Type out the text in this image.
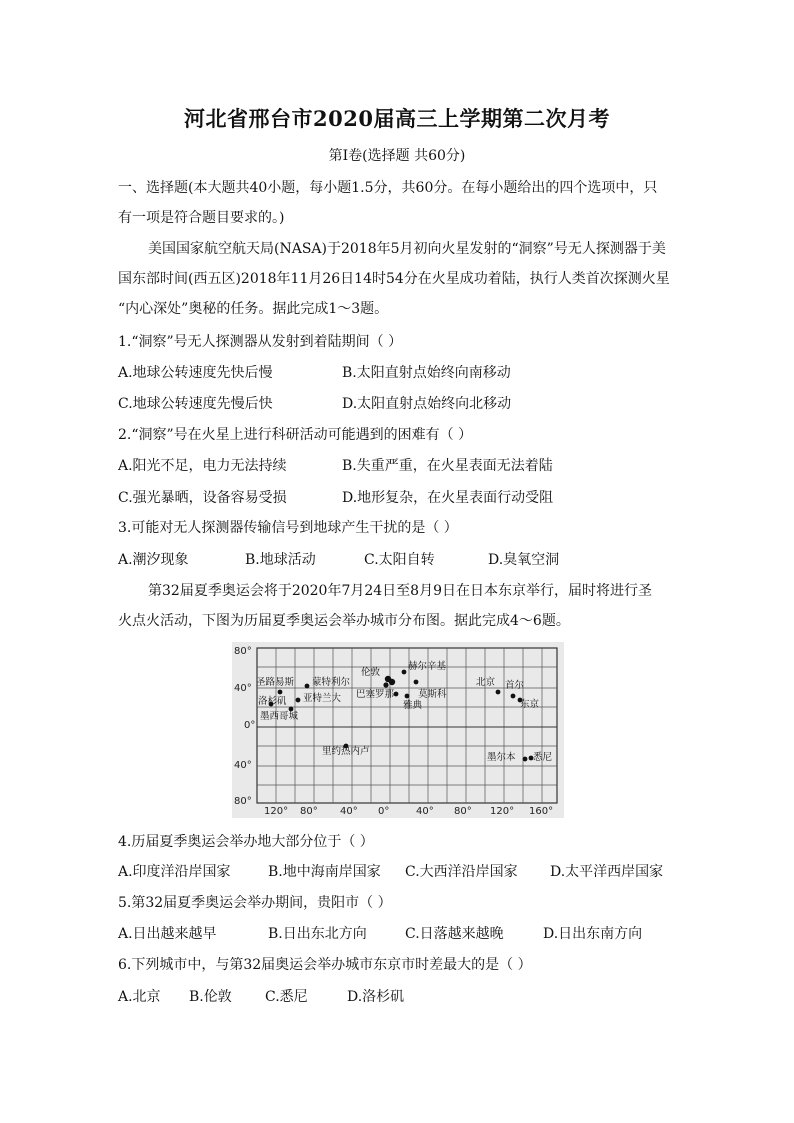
河北省邢台市2020届高三上学期第二次月考
第Ⅰ卷(选择题 共60分)
一、选择题(本大题共40小题，每小题1.5分，共60分。在每小题给出的四个选项中，只
有一项是符合题目要求的。)
美国国家航空航天局(NASA)于2018年5月初向火星发射的“洞察”号无人探测器于美
国东部时间(西五区)2018年11月26日14时54分在火星成功着陆，执行人类首次探测火星
“内心深处”奥秘的任务。据此完成1～3题。
1.“洞察”号无人探测器从发射到着陆期间（ ）
A.地球公转速度先快后慢	B.太阳直射点始终向南移动
C.地球公转速度先慢后快	D.太阳直射点始终向北移动
2.“洞察”号在火星上进行科研活动可能遇到的困难有（ ）
A.阳光不足，电力无法持续	B.失重严重，在火星表面无法着陆
C.强光暴晒，设备容易受损	D.地形复杂，在火星表面行动受阻
3.可能对无人探测器传输信号到地球产生干扰的是（ ）
A.潮汐现象	B.地球活动	C.太阳自转	D.臭氧空洞
第32届夏季奥运会将于2020年7月24日至8月9日在日本东京举行，届时将进行圣
火点火活动，下图为历届夏季奥运会举办城市分布图。据此完成4～6题。
80°
40°
0°
40°
80°
120° 80° 40° 0°	40° 80° 120° 160°
圣路易斯 蒙特利尔
伦敦
赫尔辛基
莫斯科
洛杉矶 亚特兰大 巴塞罗那
雅典
墨西哥城
北京 首尔
东京
里约热内卢
墨尔本 悉尼
4.历届夏季奥运会举办地大部分位于（ ）
A.印度洋沿岸国家	B.地中海南岸国家 C.大西洋沿岸国家 D.太平洋西岸国家
5.第32届夏季奥运会举办期间，贵阳市（ ）
A.日出越来越早	B.日出东北方向	C.日落越来越晚	D.日出东南方向
6.下列城市中，与第32届奥运会举办城市东京市时差最大的是（ ）
A.北京 B.伦敦 C.悉尼	D.洛杉矶
